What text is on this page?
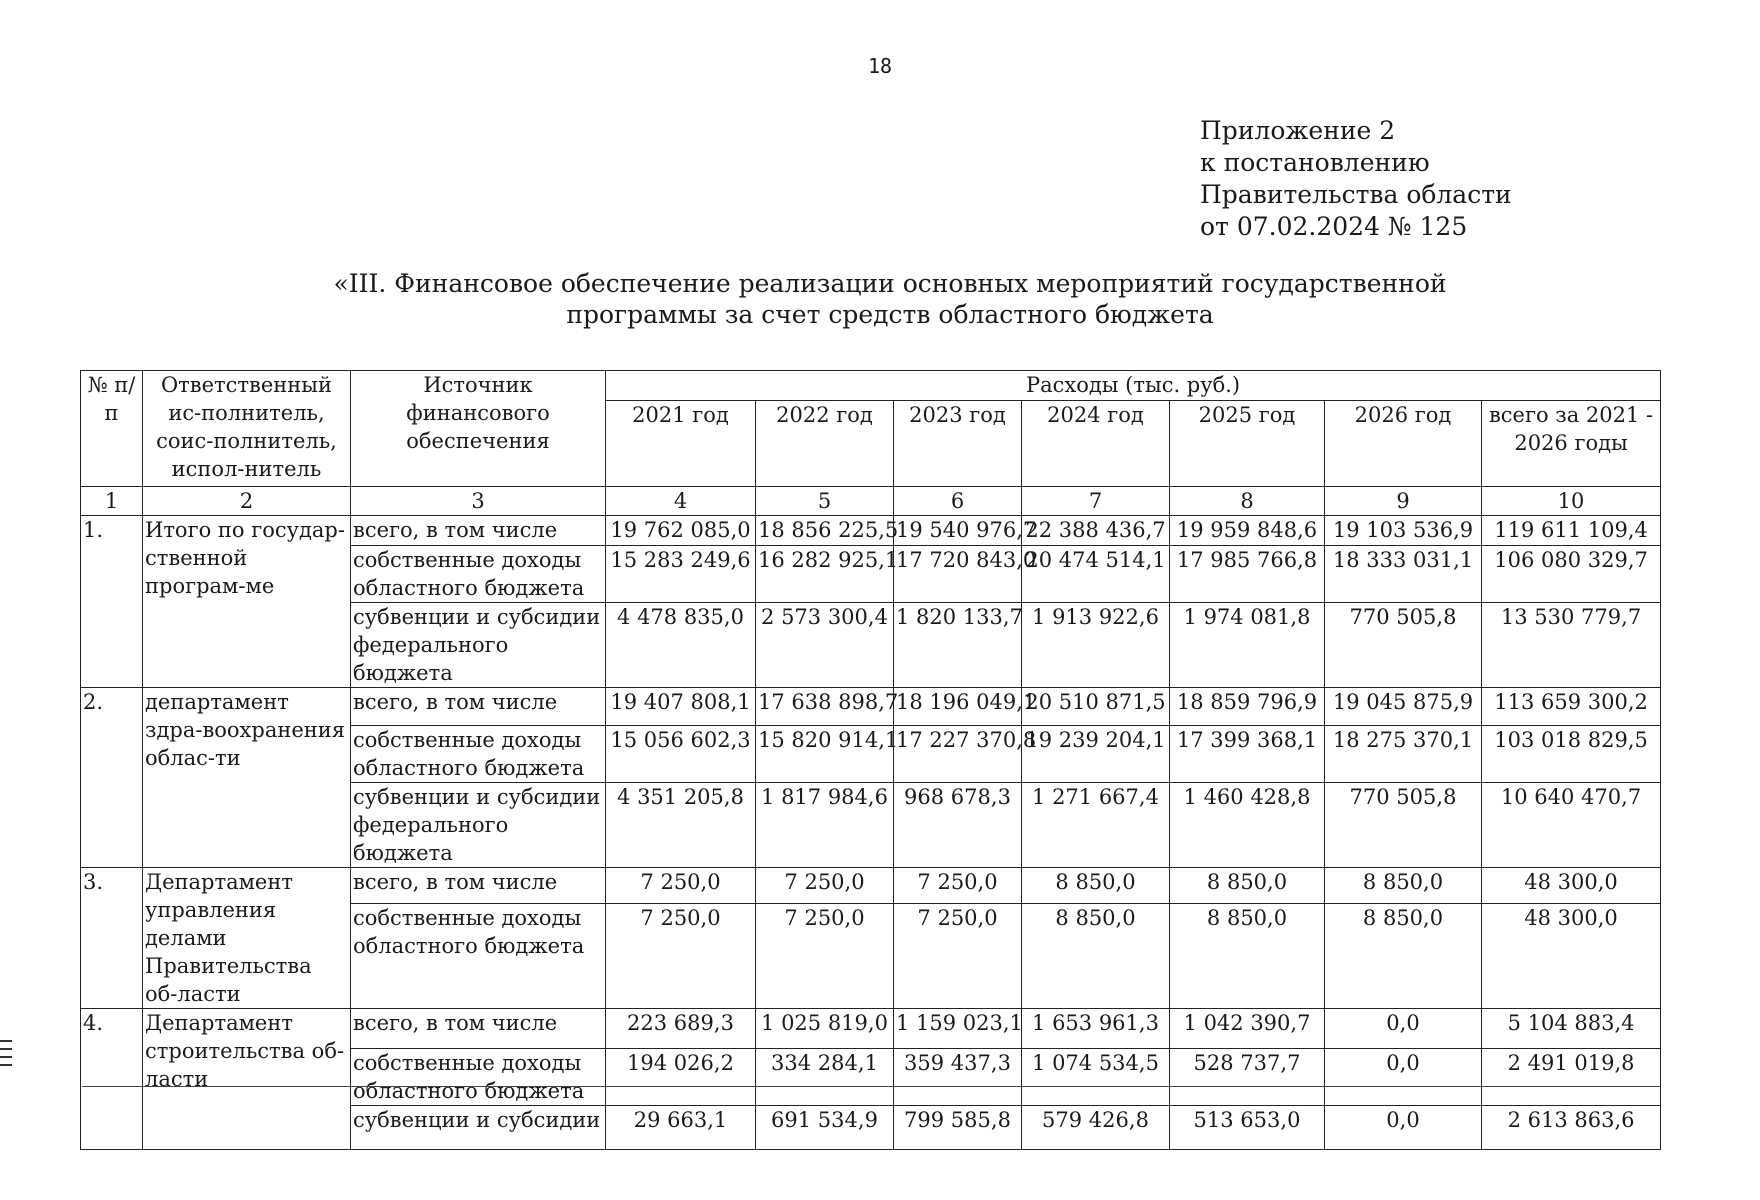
18
Приложение 2
к постановлению
Правительства области
от 07.02.2024 № 125
«III. Финансовое обеспечение реализации основных мероприятий государственной
программы за счет средств областного бюджета
№ п/п	Ответственный ис-полнитель, соис-полнитель, испол-нитель	Источник финансового обеспечения	Расходы (тыс. руб.)						
			2021 год	2022 год	2023 год	2024 год	2025 год	2026 год	всего за 2021 - 2026 годы
1	2	3	4	5	6	7	8	9	10
1.	Итого по государ-ственной програм-ме	всего, в том числе	19 762 085,0	18 856 225,5	19 540 976,7	22 388 436,7	19 959 848,6	19 103 536,9	119 611 109,4
		собственные доходы областного бюджета	15 283 249,6	16 282 925,1	17 720 843,0	20 474 514,1	17 985 766,8	18 333 031,1	106 080 329,7
		субвенции и субсидии федерального бюджета	4 478 835,0	2 573 300,4	1 820 133,7	1 913 922,6	1 974 081,8	770 505,8	13 530 779,7
2.	департамент здра-воохранения облас-ти	всего, в том числе	19 407 808,1	17 638 898,7	18 196 049,1	20 510 871,5	18 859 796,9	19 045 875,9	113 659 300,2
		собственные доходы областного бюджета	15 056 602,3	15 820 914,1	17 227 370,8	19 239 204,1	17 399 368,1	18 275 370,1	103 018 829,5
		субвенции и субсидии федерального бюджета	4 351 205,8	1 817 984,6	968 678,3	1 271 667,4	1 460 428,8	770 505,8	10 640 470,7
3.	Департамент управления делами Правительства об-ласти	всего, в том числе	7 250,0	7 250,0	7 250,0	8 850,0	8 850,0	8 850,0	48 300,0
		собственные доходы областного бюджета	7 250,0	7 250,0	7 250,0	8 850,0	8 850,0	8 850,0	48 300,0
4.	Департамент строительства об-ласти	всего, в том числе	223 689,3	1 025 819,0	1 159 023,1	1 653 961,3	1 042 390,7	0,0	5 104 883,4
		собственные доходы областного бюджета	194 026,2	334 284,1	359 437,3	1 074 534,5	528 737,7	0,0	2 491 019,8
		субвенции и субсидии	29 663,1	691 534,9	799 585,8	579 426,8	513 653,0	0,0	2 613 863,6
